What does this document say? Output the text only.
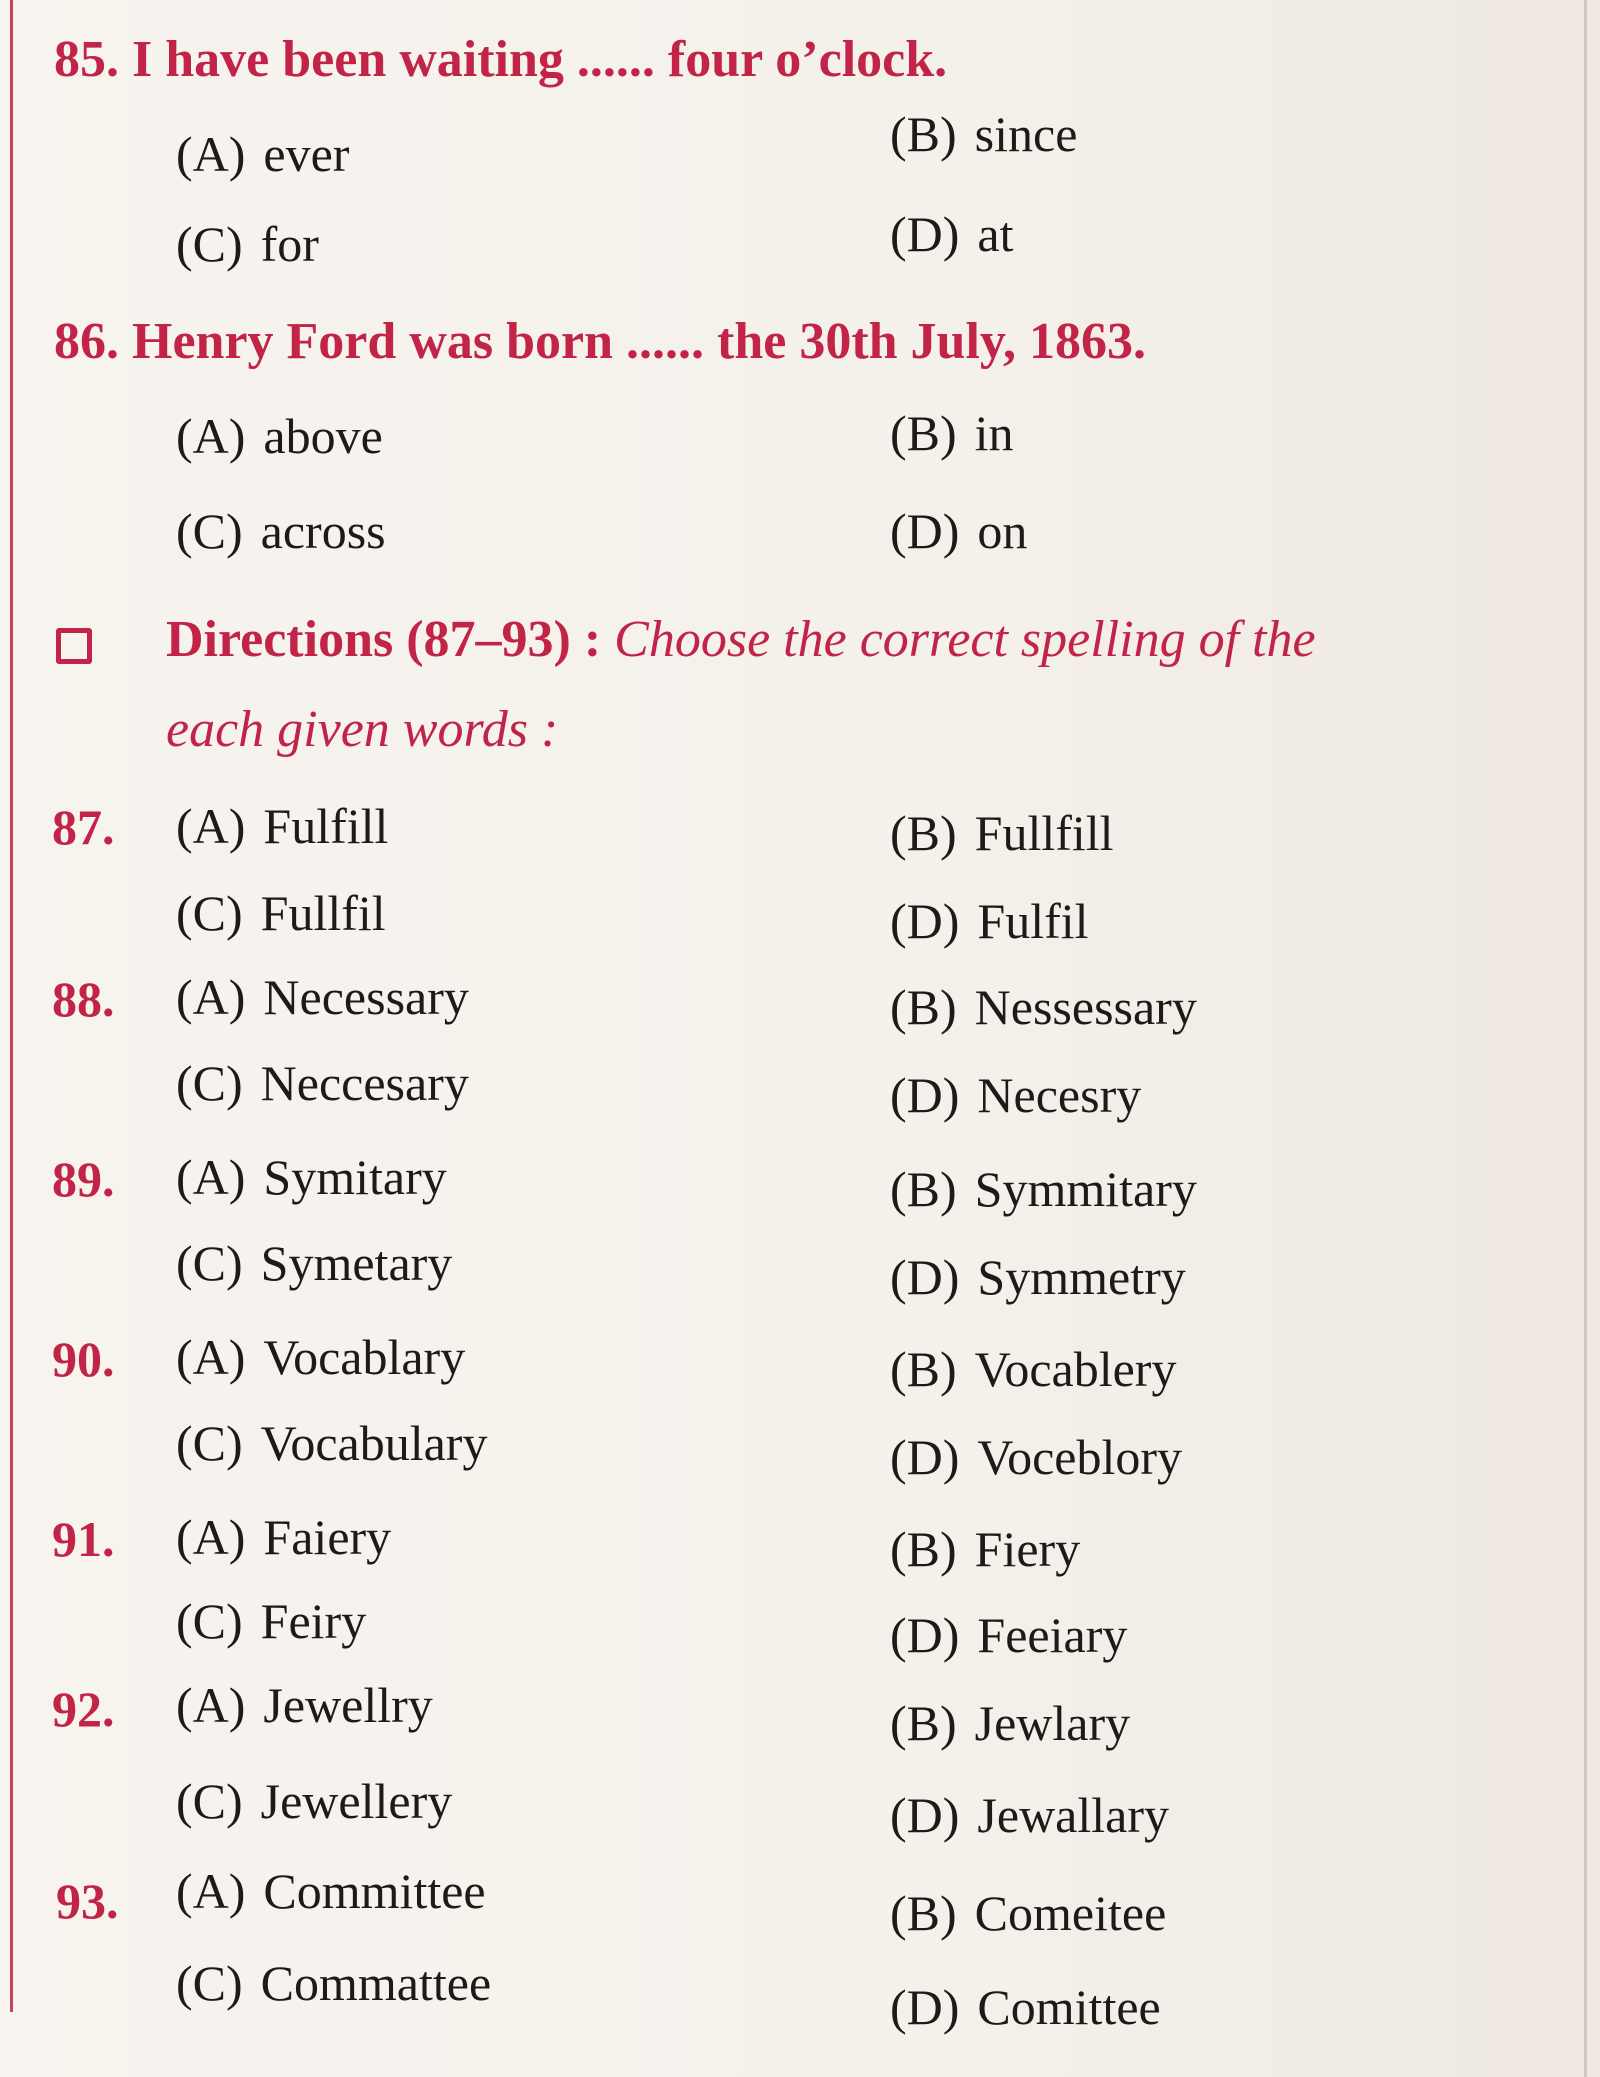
85. I have been waiting ...... four o’clock.
(A) ever	(B) since
(C) for	(D) at
86. Henry Ford was born ...... the 30th July, 1863.
(A) above	(B) in
(C) across	(D) on
Directions (87–93) : Choose the correct spelling of the
each given words :
87. (A) Fulfill	(B) Fullfill
(C) Fullfil	(D) Fulfil
88. (A) Necessary	(B) Nessessary
(C) Neccesary	(D) Necesry
89. (A) Symitary	(B) Symmitary
(C) Symetary	(D) Symmetry
90. (A) Vocablary	(B) Vocablery
(C) Vocabulary	(D) Voceblory
91. (A) Faiery	(B) Fiery
(C) Feiry	(D) Feeiary
92. (A) Jewellry	(B) Jewlary
(C) Jewellery	(D) Jewallary
93. (A) Committee	(B) Comeitee
(C) Commattee	(D) Comittee
